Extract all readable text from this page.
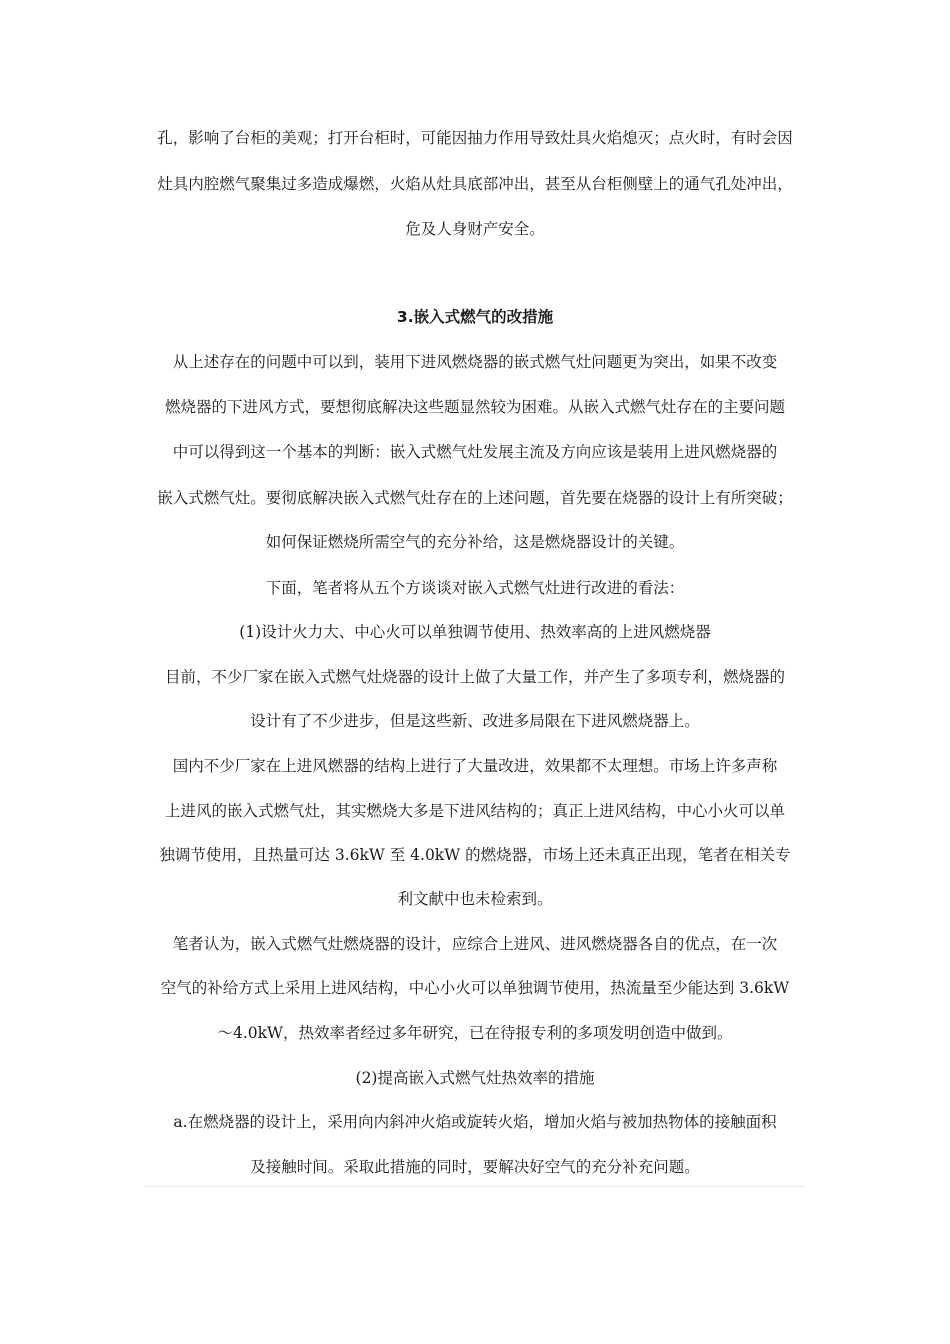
孔，影响了台柜的美观；打开台柜时，可能因抽力作用导致灶具火焰熄灭；点火时，有时会因
灶具内腔燃气聚集过多造成爆燃，火焰从灶具底部冲出，甚至从台柜侧壁上的通气孔处冲出，
危及人身财产安全。
3.嵌入式燃气的改措施
从上述存在的问题中可以到，装用下进风燃烧器的嵌式燃气灶问题更为突出，如果不改变
燃烧器的下进风方式，要想彻底解决这些题显然较为困难。从嵌入式燃气灶存在的主要问题
中可以得到这一个基本的判断：嵌入式燃气灶发展主流及方向应该是装用上进风燃烧器的
嵌入式燃气灶。要彻底解决嵌入式燃气灶存在的上述问题，首先要在烧器的设计上有所突破；
如何保证燃烧所需空气的充分补给，这是燃烧器设计的关键。
下面，笔者将从五个方谈谈对嵌入式燃气灶进行改进的看法：
(1)设计火力大、中心火可以单独调节使用、热效率高的上进风燃烧器
目前，不少厂家在嵌入式燃气灶烧器的设计上做了大量工作，并产生了多项专利，燃烧器的
设计有了不少进步，但是这些新、改进多局限在下进风燃烧器上。
国内不少厂家在上进风燃器的结构上进行了大量改进，效果都不太理想。市场上许多声称
上进风的嵌入式燃气灶，其实燃烧大多是下进风结构的；真正上进风结构，中心小火可以单
独调节使用，且热量可达 3.6kW 至 4.0kW 的燃烧器，市场上还未真正出现，笔者在相关专
利文献中也未检索到。
笔者认为，嵌入式燃气灶燃烧器的设计，应综合上进风、进风燃烧器各自的优点，在一次
空气的补给方式上采用上进风结构，中心小火可以单独调节使用，热流量至少能达到 3.6kW
～4.0kW，热效率者经过多年研究，已在待报专利的多项发明创造中做到。
(2)提高嵌入式燃气灶热效率的措施
a.在燃烧器的设计上，采用向内斜冲火焰或旋转火焰，增加火焰与被加热物体的接触面积
及接触时间。采取此措施的同时，要解决好空气的充分补充问题。
